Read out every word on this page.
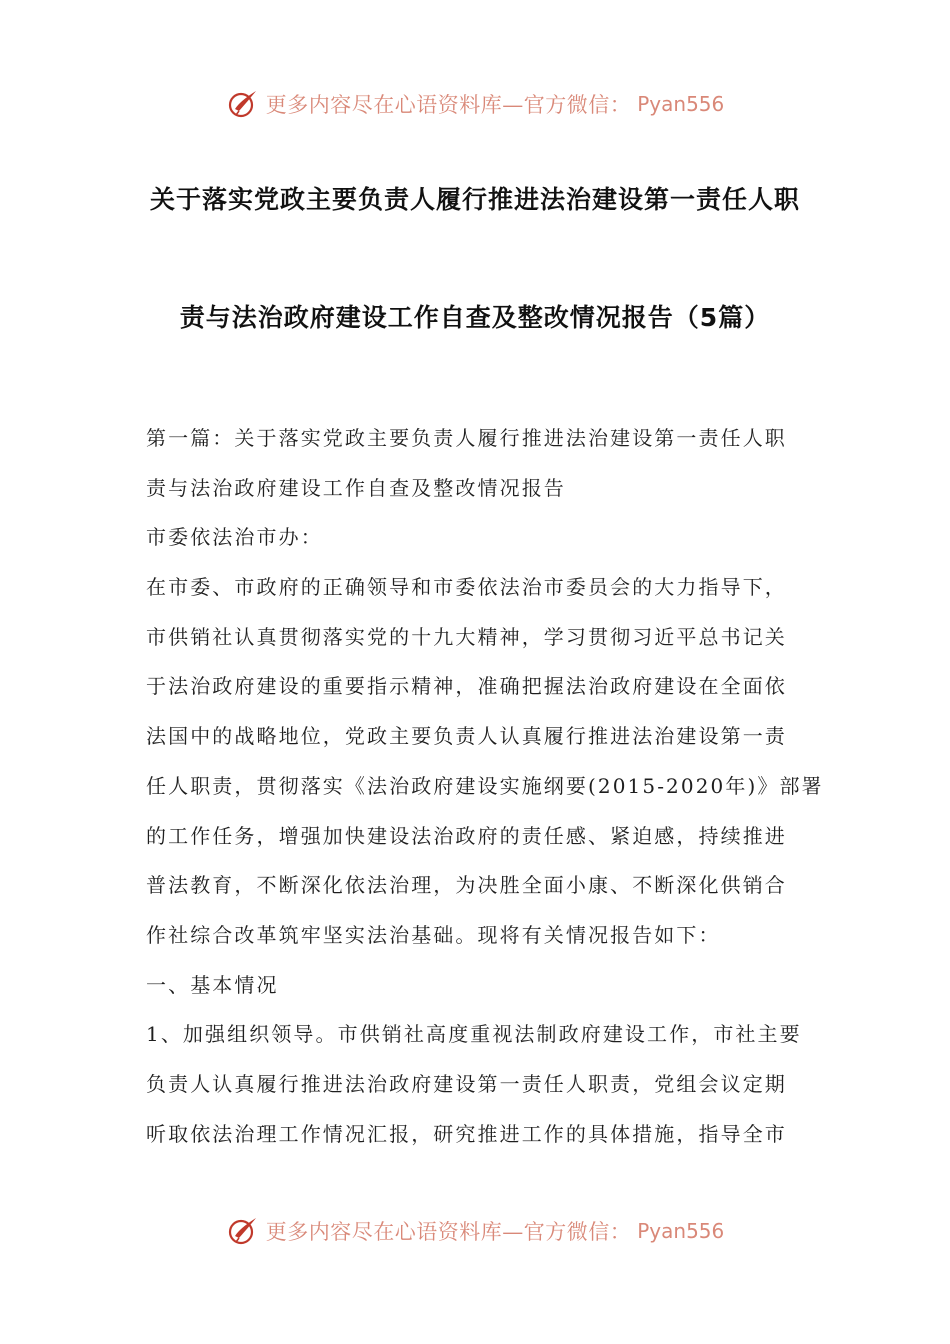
更多内容尽在心语资料库—官方微信： Pyan556
关于落实党政主要负责人履行推进法治建设第一责任人职
责与法治政府建设工作自查及整改情况报告（5篇）
第一篇：关于落实党政主要负责人履行推进法治建设第一责任人职
责与法治政府建设工作自查及整改情况报告
市委依法治市办：
在市委、市政府的正确领导和市委依法治市委员会的大力指导下，
市供销社认真贯彻落实党的十九大精神，学习贯彻习近平总书记关
于法治政府建设的重要指示精神，准确把握法治政府建设在全面依
法国中的战略地位，党政主要负责人认真履行推进法治建设第一责
任人职责，贯彻落实《法治政府建设实施纲要(2015-2020年)》部署
的工作任务，增强加快建设法治政府的责任感、紧迫感，持续推进
普法教育，不断深化依法治理，为决胜全面小康、不断深化供销合
作社综合改革筑牢坚实法治基础。现将有关情况报告如下：
一、基本情况
1、加强组织领导。市供销社高度重视法制政府建设工作，市社主要
负责人认真履行推进法治政府建设第一责任人职责，党组会议定期
听取依法治理工作情况汇报，研究推进工作的具体措施，指导全市
更多内容尽在心语资料库—官方微信： Pyan556
